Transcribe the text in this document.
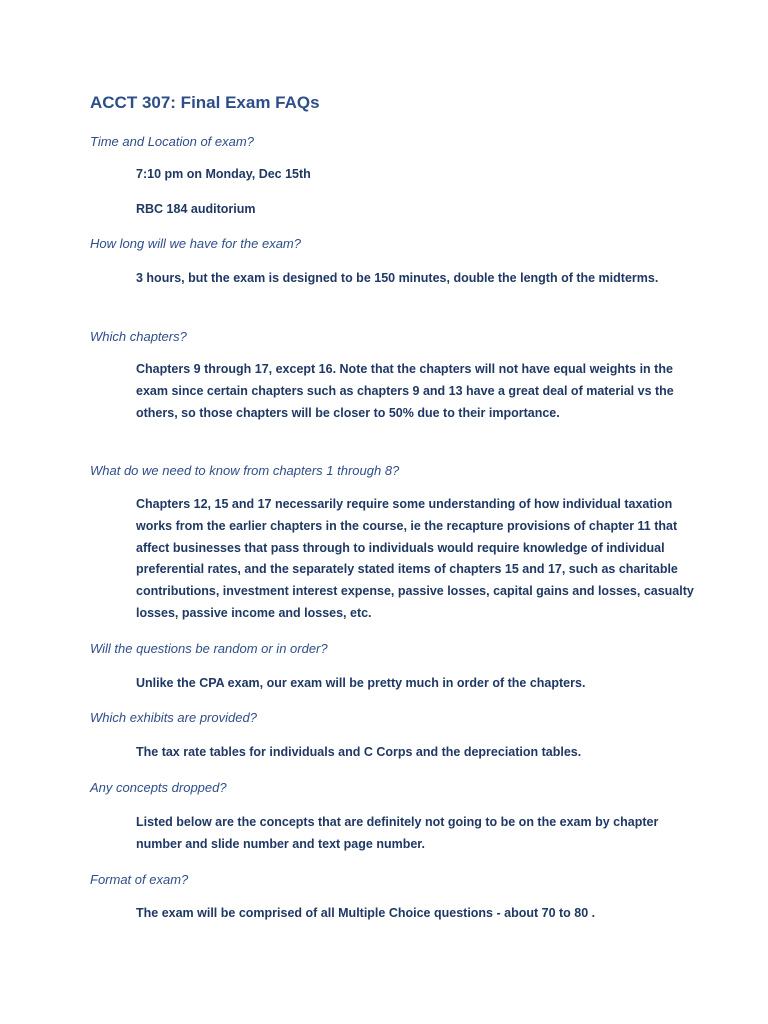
ACCT 307: Final Exam FAQs

Time and Location of exam?

7:10 pm on Monday, Dec 15th

RBC 184 auditorium

How long will we have for the exam?

3 hours, but the exam is designed to be 150 minutes, double the length of the midterms.

Which chapters?

Chapters 9 through 17, except 16. Note that the chapters will not have equal weights in the exam since certain chapters such as chapters 9 and 13 have a great deal of material vs the others, so those chapters will be closer to 50% due to their importance.

What do we need to know from chapters 1 through 8?

Chapters 12, 15 and 17 necessarily require some understanding of how individual taxation works from the earlier chapters in the course, ie the recapture provisions of chapter 11 that affect businesses that pass through to individuals would require knowledge of individual preferential rates, and the separately stated items of chapters 15 and 17, such as charitable contributions, investment interest expense, passive losses, capital gains and losses, casualty losses, passive income and losses, etc.

Will the questions be random or in order?

Unlike the CPA exam, our exam will be pretty much in order of the chapters.

Which exhibits are provided?

The tax rate tables for individuals and C Corps and the depreciation tables.

Any concepts dropped?

Listed below are the concepts that are definitely not going to be on the exam by chapter number and slide number and text page number.

Format of exam?

The exam will be comprised of all Multiple Choice questions - about 70 to 80 .
